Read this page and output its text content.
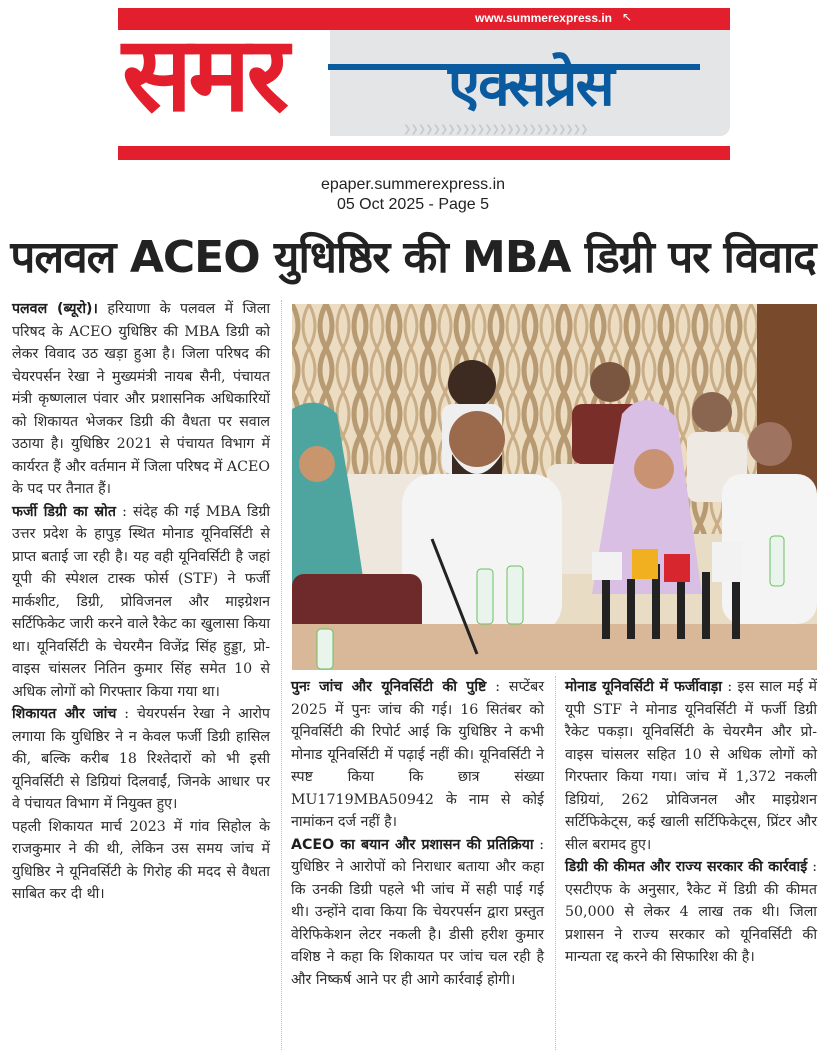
www.summerexpress.in ↖
समर	एक्सप्रेस
❯❯❯❯❯❯❯❯❯❯❯❯❯❯❯❯❯❯❯❯❯❯❯❯❯
epaper.summerexpress.in
05 Oct 2025 - Page 5
पलवल ACEO युधिष्ठिर की MBA डिग्री पर विवाद

पलवल (ब्यूरो)। हरियाणा के पलवल में जिला परिषद के ACEO युधिष्ठिर की MBA डिग्री को लेकर विवाद उठ खड़ा हुआ है। जिला परिषद की चेयरपर्सन रेखा ने मुख्यमंत्री नायब सैनी, पंचायत मंत्री कृष्णलाल पंवार और प्रशासनिक अधिकारियों को शिकायत भेजकर डिग्री की वैधता पर सवाल उठाया है। युधिष्ठिर 2021 से पंचायत विभाग में कार्यरत हैं और वर्तमान में जिला परिषद में ACEO के पद पर तैनात हैं।

फर्जी डिग्री का स्रोत : संदेह की गई MBA डिग्री उत्तर प्रदेश के हापुड़ स्थित मोनाड यूनिवर्सिटी से प्राप्त बताई जा रही है। यह वही यूनिवर्सिटी है जहां यूपी की स्पेशल टास्क फोर्स (STF) ने फर्जी मार्कशीट, डिग्री, प्रोविजनल और माइग्रेशन सर्टिफिकेट जारी करने वाले रैकेट का खुलासा किया था। यूनिवर्सिटी के चेयरमैन विजेंद्र सिंह हुड्डा, प्रो-वाइस चांसलर नितिन कुमार सिंह समेत 10 से अधिक लोगों को गिरफ्तार किया गया था।

शिकायत और जांच : चेयरपर्सन रेखा ने आरोप लगाया कि युधिष्ठिर ने न केवल फर्जी डिग्री हासिल की, बल्कि करीब 18 रिश्तेदारों को भी इसी यूनिवर्सिटी से डिग्रियां दिलवाईं, जिनके आधार पर वे पंचायत विभाग में नियुक्त हुए।

पहली शिकायत मार्च 2023 में गांव सिहोल के राजकुमार ने की थी, लेकिन उस समय जांच में युधिष्ठिर ने यूनिवर्सिटी के गिरोह की मदद से वैधता साबित कर दी थी।

पुनः जांच और यूनिवर्सिटी की पुष्टि : सप्टेंबर 2025 में पुनः जांच की गई। 16 सितंबर को यूनिवर्सिटी की रिपोर्ट आई कि युधिष्ठिर ने कभी मोनाड यूनिवर्सिटी में पढ़ाई नहीं की। यूनिवर्सिटी ने स्पष्ट किया कि छात्र संख्या MU1719MBA50942 के नाम से कोई नामांकन दर्ज नहीं है।

ACEO का बयान और प्रशासन की प्रतिक्रिया : युधिष्ठिर ने आरोपों को निराधार बताया और कहा कि उनकी डिग्री पहले भी जांच में सही पाई गई थी। उन्होंने दावा किया कि चेयरपर्सन द्वारा प्रस्तुत वेरिफिकेशन लेटर नकली है। डीसी हरीश कुमार वशिष्ठ ने कहा कि शिकायत पर जांच चल रही है और निष्कर्ष आने पर ही आगे कार्रवाई होगी।

मोनाड यूनिवर्सिटी में फर्जीवाड़ा : इस साल मई में यूपी STF ने मोनाड यूनिवर्सिटी में फर्जी डिग्री रैकेट पकड़ा। यूनिवर्सिटी के चेयरमैन और प्रो-वाइस चांसलर सहित 10 से अधिक लोगों को गिरफ्तार किया गया। जांच में 1,372 नकली डिग्रियां, 262 प्रोविजनल और माइग्रेशन सर्टिफिकेट्स, कई खाली सर्टिफिकेट्स, प्रिंटर और सील बरामद हुए।

डिग्री की कीमत और राज्य सरकार की कार्रवाई : एसटीएफ के अनुसार, रैकेट में डिग्री की कीमत 50,000 से लेकर 4 लाख तक थी। जिला प्रशासन ने राज्य सरकार को यूनिवर्सिटी की मान्यता रद्द करने की सिफारिश की है।
